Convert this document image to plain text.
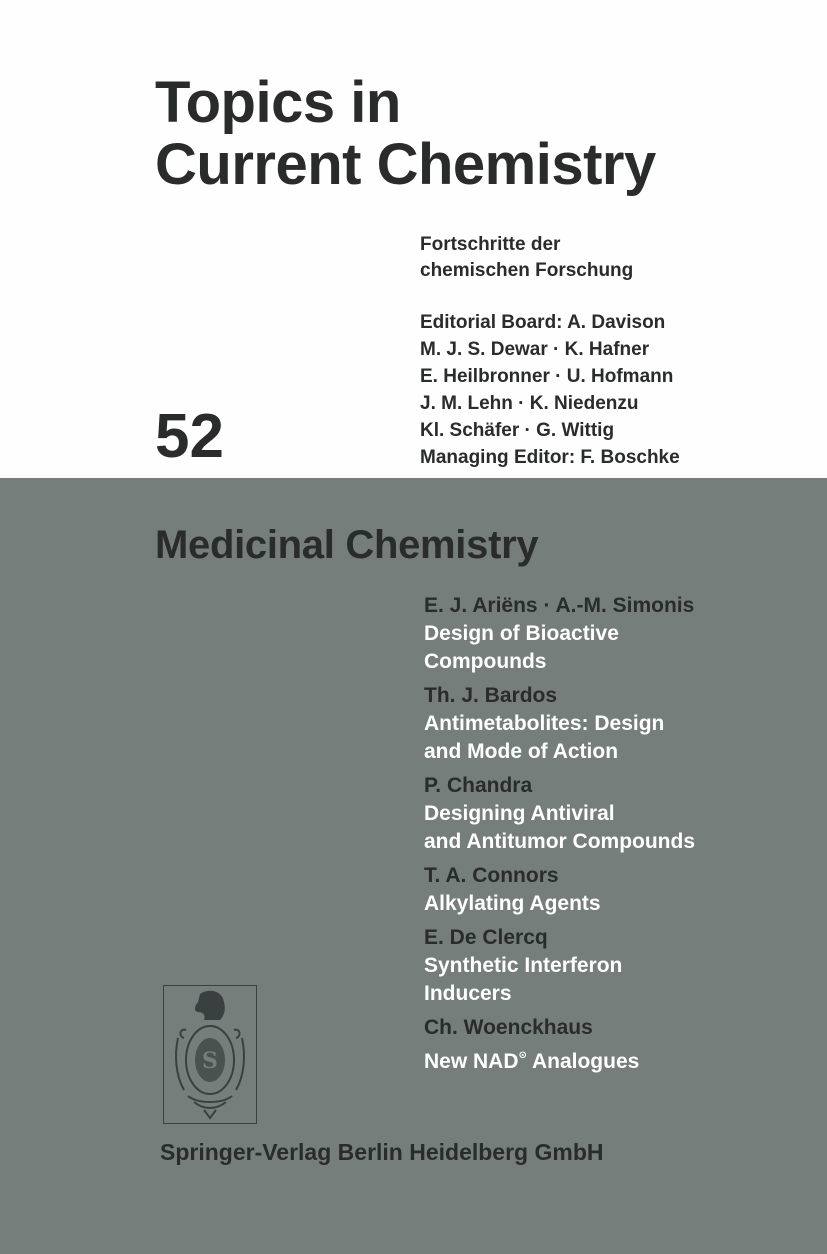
Topics in
Current Chemistry
Fortschritte der
chemischen Forschung
Editorial Board: A. Davison
M. J. S. Dewar · K. Hafner
E. Heilbronner · U. Hofmann
J. M. Lehn · K. Niedenzu
Kl. Schäfer · G. Wittig
Managing Editor: F. Boschke
52
Medicinal Chemistry
E. J. Ariëns · A.-M. Simonis
Design of Bioactive
Compounds
Th. J. Bardos
Antimetabolites: Design
and Mode of Action
P. Chandra
Designing Antiviral
and Antitumor Compounds
T. A. Connors
Alkylating Agents
E. De Clercq
Synthetic Interferon
Inducers
Ch. Woenckhaus
New NAD⊙ Analogues
S
Springer-Verlag Berlin Heidelberg GmbH
